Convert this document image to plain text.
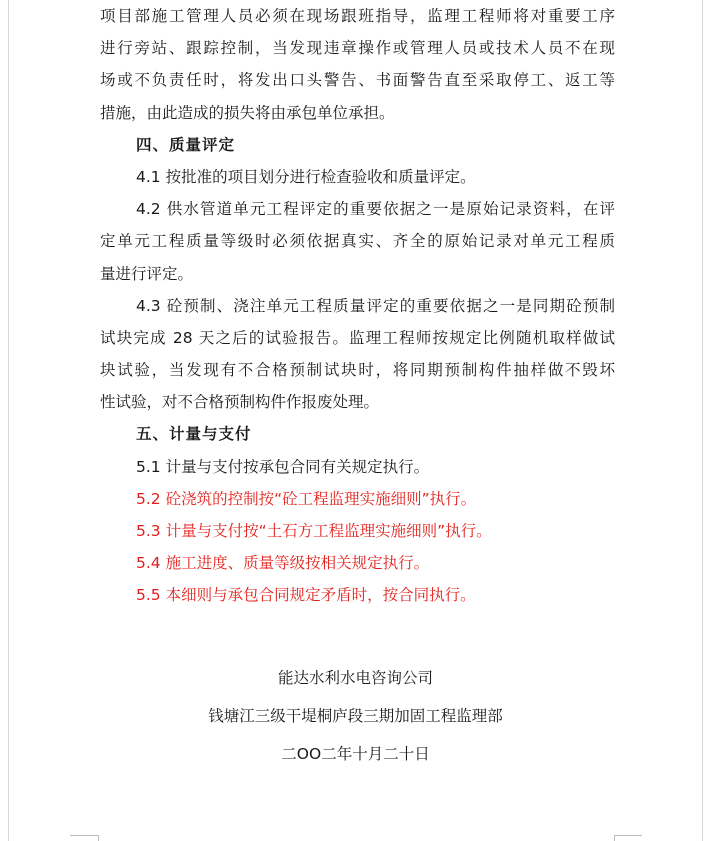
项目部施工管理人员必须在现场跟班指导，监理工程师将对重要工序
进行旁站、跟踪控制，当发现违章操作或管理人员或技术人员不在现
场或不负责任时，将发出口头警告、书面警告直至采取停工、返工等
措施，由此造成的损失将由承包单位承担。
四、质量评定
4.1 按批准的项目划分进行检查验收和质量评定。
4.2 供水管道单元工程评定的重要依据之一是原始记录资料，在评
定单元工程质量等级时必须依据真实、齐全的原始记录对单元工程质
量进行评定。
4.3 砼预制、浇注单元工程质量评定的重要依据之一是同期砼预制
试块完成 28 天之后的试验报告。监理工程师按规定比例随机取样做试
块试验，当发现有不合格预制试块时，将同期预制构件抽样做不毁坏
性试验，对不合格预制构件作报废处理。
五、计量与支付
5.1 计量与支付按承包合同有关规定执行。
5.2 砼浇筑的控制按“砼工程监理实施细则”执行。
5.3 计量与支付按“土石方工程监理实施细则”执行。
5.4 施工进度、质量等级按相关规定执行。
5.5 本细则与承包合同规定矛盾时，按合同执行。
能达水利水电咨询公司
钱塘江三级干堤桐庐段三期加固工程监理部
二OO二年十月二十日
